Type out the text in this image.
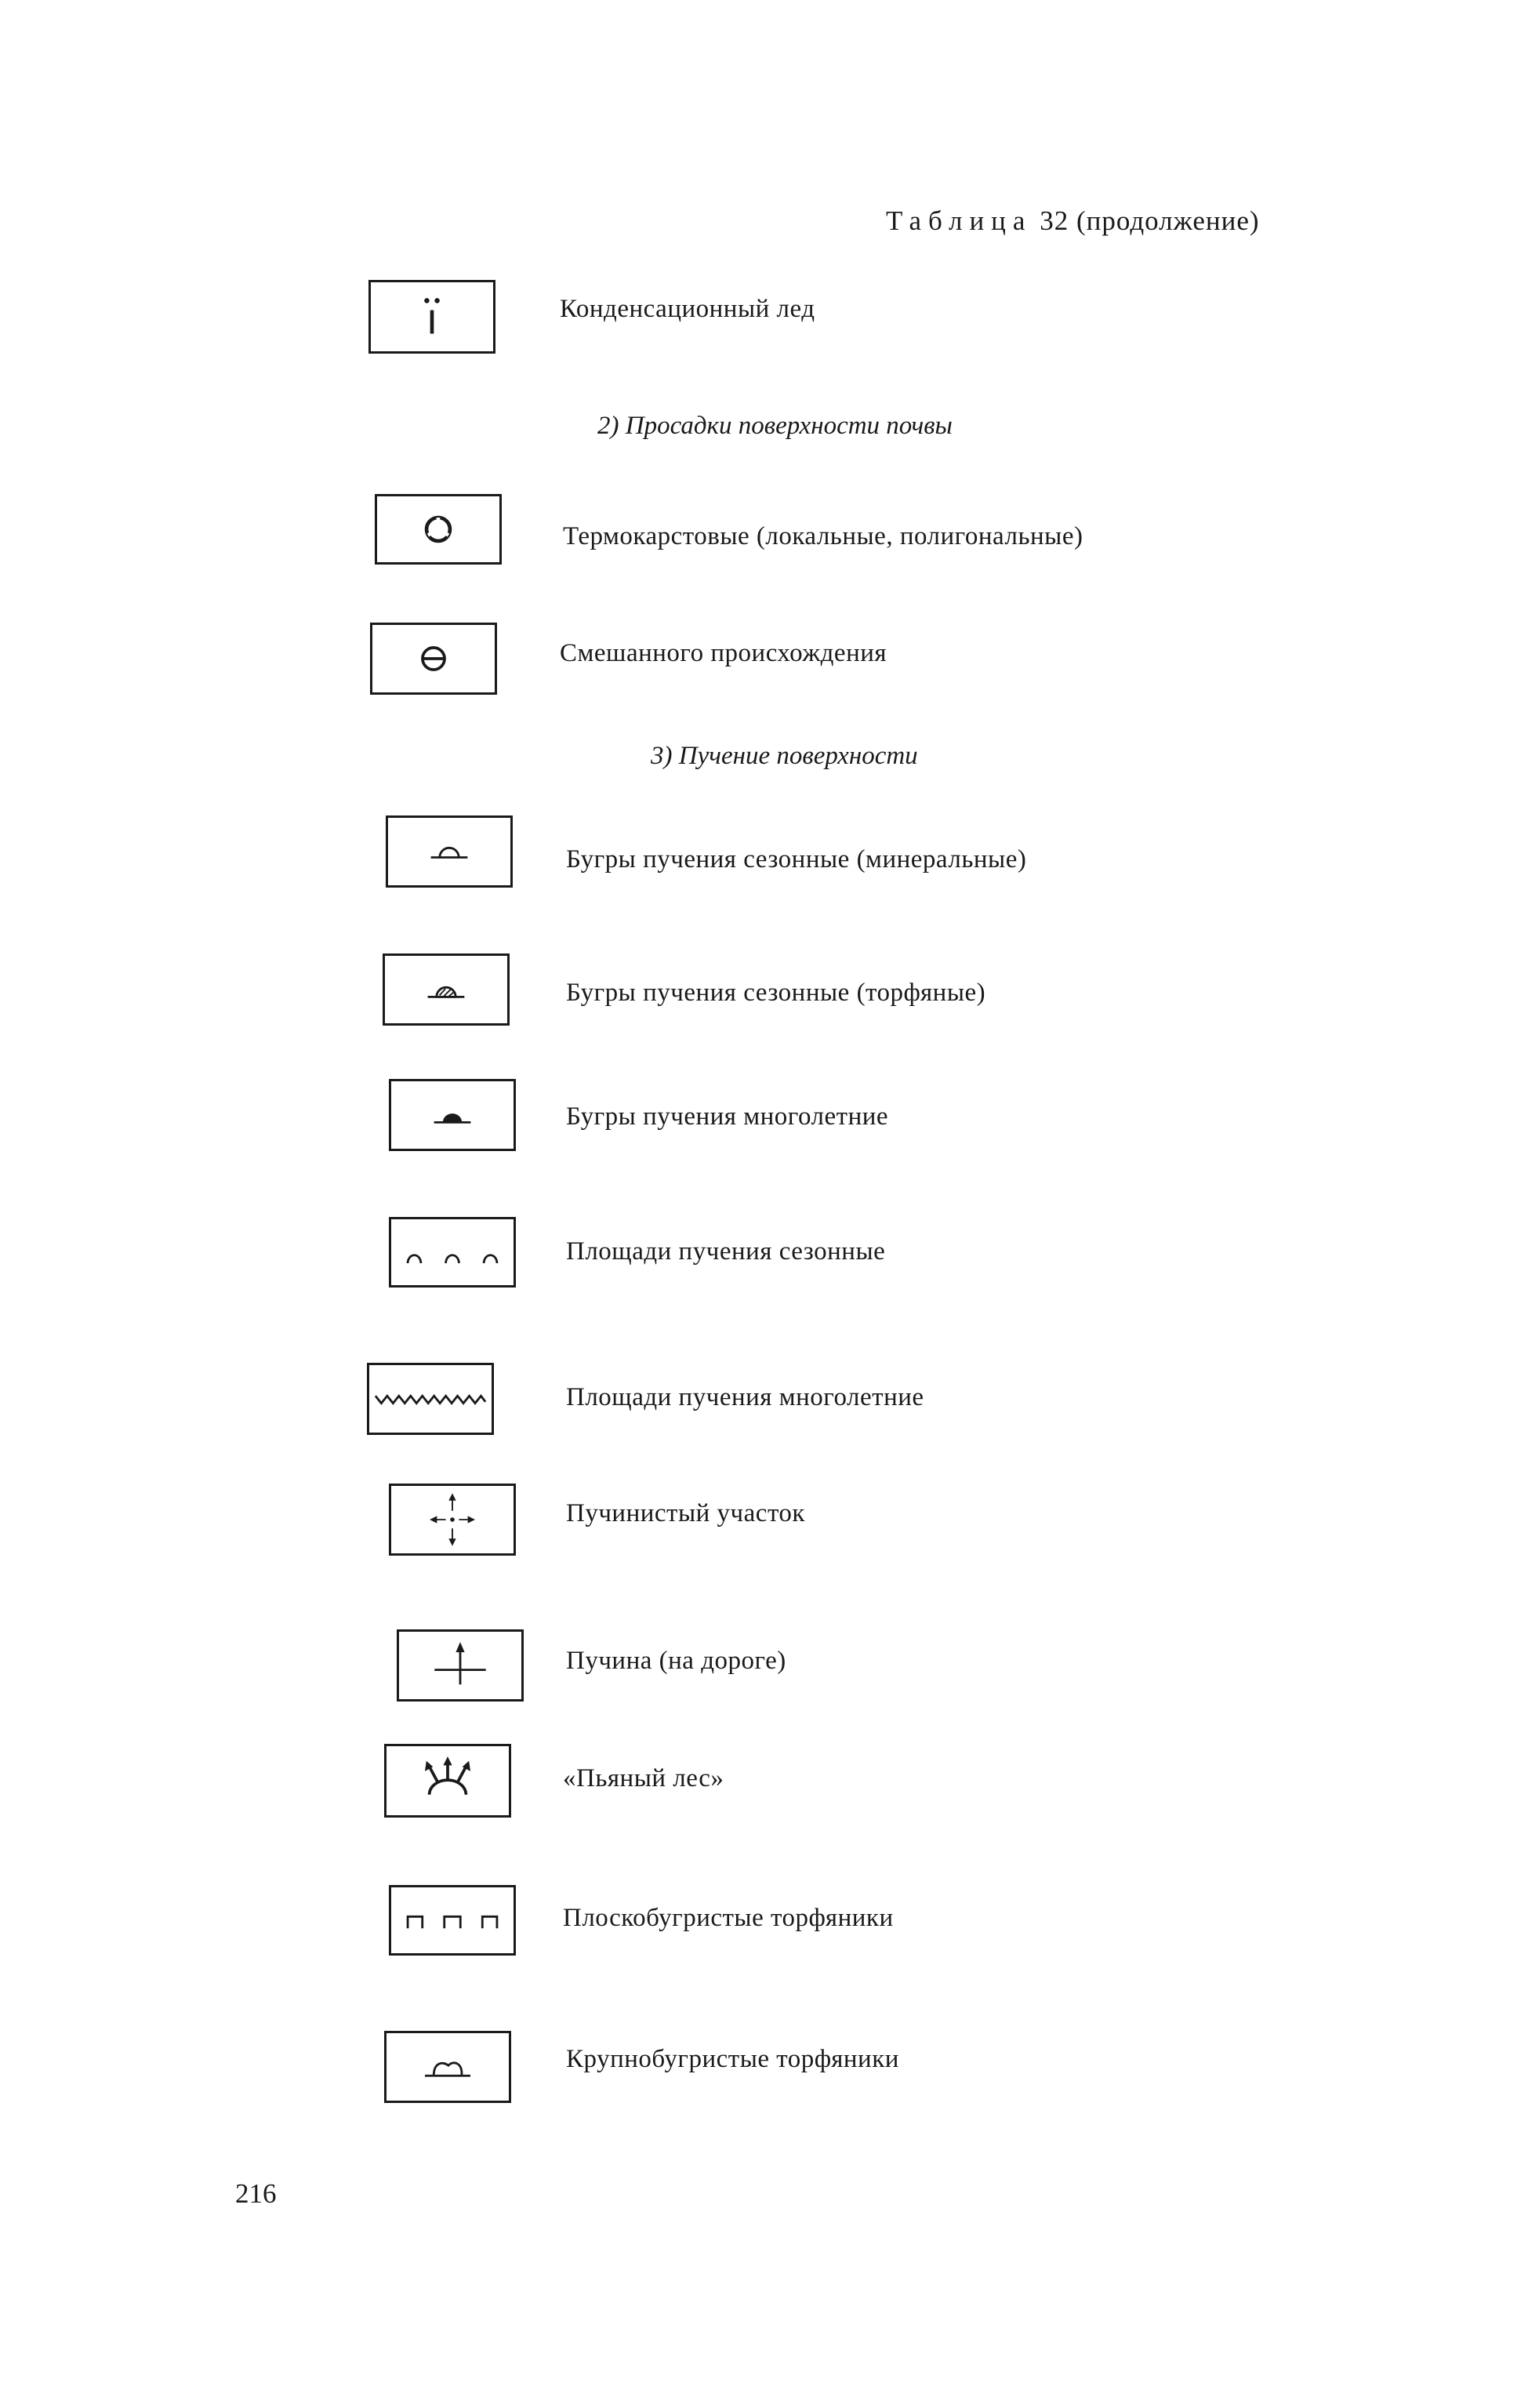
Таблица 32 (продолжение)
Конденсационный лед
2) Просадки поверхности почвы
Термокарстовые (локальные, полигональные)
Смешанного происхождения
3) Пучение поверхности
Бугры пучения сезонные (минеральные)
Бугры пучения сезонные (торфяные)
Бугры пучения многолетние
Площади пучения сезонные
Площади пучения многолетние
Пучинистый участок
Пучина (на дороге)
«Пьяный лес»
Плоскобугристые торфяники
Крупнобугристые торфяники
216
